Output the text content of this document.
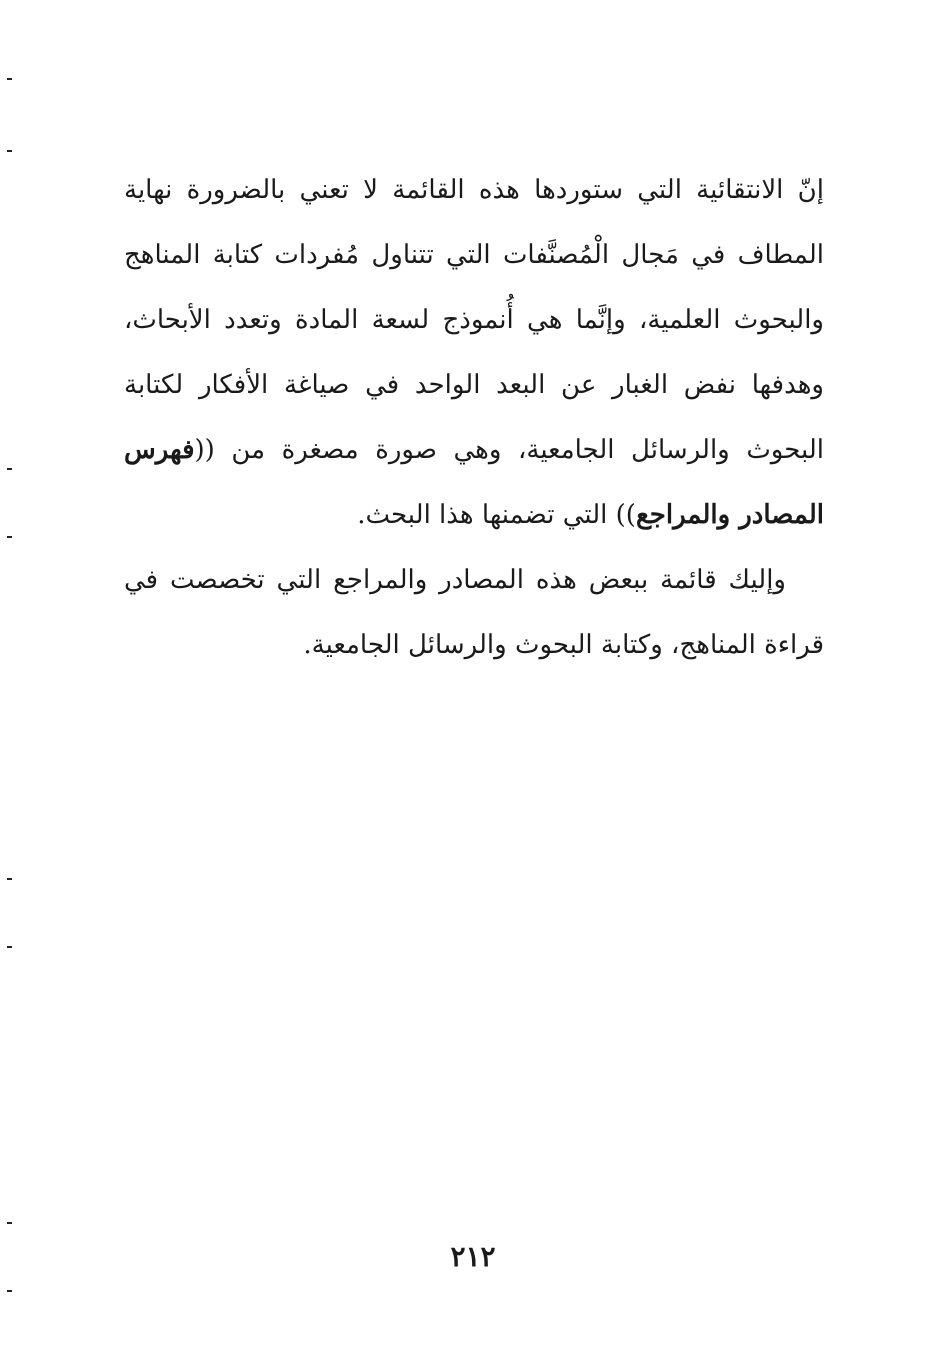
إنّ الانتقائية التي ستوردها هذه القائمة لا تعني بالضرورة نهاية المطاف في مَجال الْمُصنَّفات التي تتناول مُفردات كتابة المناهج والبحوث العلمية، وإنَّما هي أُنموذج لسعة المادة وتعدد الأبحاث، وهدفها نفض الغبار عن البعد الواحد في صياغة الأفكار لكتابة البحوث والرسائل الجامعية، وهي صورة مصغرة من ((فهرس المصادر والمراجع)) التي تضمنها هذا البحث.

وإليك قائمة ببعض هذه المصادر والمراجع التي تخصصت في قراءة المناهج، وكتابة البحوث والرسائل الجامعية.

٢١٢
